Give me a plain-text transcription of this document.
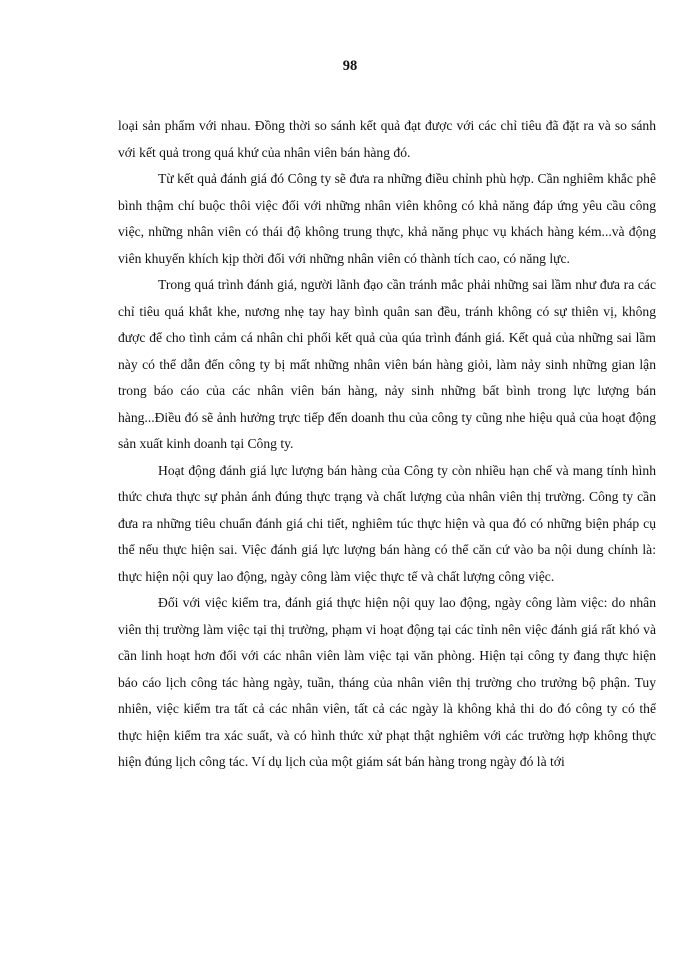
98

loại sản phẩm với nhau. Đồng thời so sánh kết quả đạt được với các chỉ tiêu đã đặt ra và so sánh với kết quả trong quá khứ của nhân viên bán hàng đó.

Từ kết quả đánh giá đó Công ty sẽ đưa ra những điều chỉnh phù hợp. Cần nghiêm khắc phê bình thậm chí buộc thôi việc đối với những nhân viên không có khả năng đáp ứng yêu cầu công việc, những nhân viên có thái độ không trung thực, khả năng phục vụ khách hàng kém...và động viên khuyến khích kịp thời đối với những nhân viên có thành tích cao, có năng lực.

Trong quá trình đánh giá, người lãnh đạo cần tránh mắc phải những sai lầm như đưa ra các chỉ tiêu quá khắt khe, nương nhẹ tay hay bình quân san đều, tránh không có sự thiên vị, không được để cho tình cảm cá nhân chi phối kết quả của qúa trình đánh giá. Kết quả của những sai lầm này có thể dẫn đến công ty bị mất những nhân viên bán hàng giỏi, làm nảy sinh những gian lận trong báo cáo của các nhân viên bán hàng, nảy sinh những bất bình trong lực lượng bán hàng...Điều đó sẽ ảnh hưởng trực tiếp đến doanh thu của công ty cũng nhe hiệu quả của hoạt động sản xuất kinh doanh tại Công ty.

Hoạt động đánh giá lực lượng bán hàng của Công ty còn nhiều hạn chế và mang tính hình thức chưa thực sự phản ánh đúng thực trạng và chất lượng của nhân viên thị trường. Công ty cần đưa ra những tiêu chuẩn đánh giá chi tiết, nghiêm túc thực hiện và qua đó có những biện pháp cụ thể nếu thực hiện sai. Việc đánh giá lực lượng bán hàng có thể căn cứ vào ba nội dung chính là: thực hiện nội quy lao động, ngày công làm việc thực tế và chất lượng công việc.

Đối với việc kiểm tra, đánh giá thực hiện nội quy lao động, ngày công làm việc: do nhân viên thị trường làm việc tại thị trường, phạm vi hoạt động tại các tỉnh nên việc đánh giá rất khó và cần linh hoạt hơn đối với các nhân viên làm việc tại văn phòng. Hiện tại công ty đang thực hiện báo cáo lịch công tác hàng ngày, tuần, tháng của nhân viên thị trường cho trưởng bộ phận. Tuy nhiên, việc kiểm tra tất cả các nhân viên, tất cả các ngày là không khả thi do đó công ty có thể thực hiện kiểm tra xác suất, và có hình thức xử phạt thật nghiêm với các trường hợp không thực hiện đúng lịch công tác. Ví dụ lịch của một giám sát bán hàng trong ngày đó là tới
